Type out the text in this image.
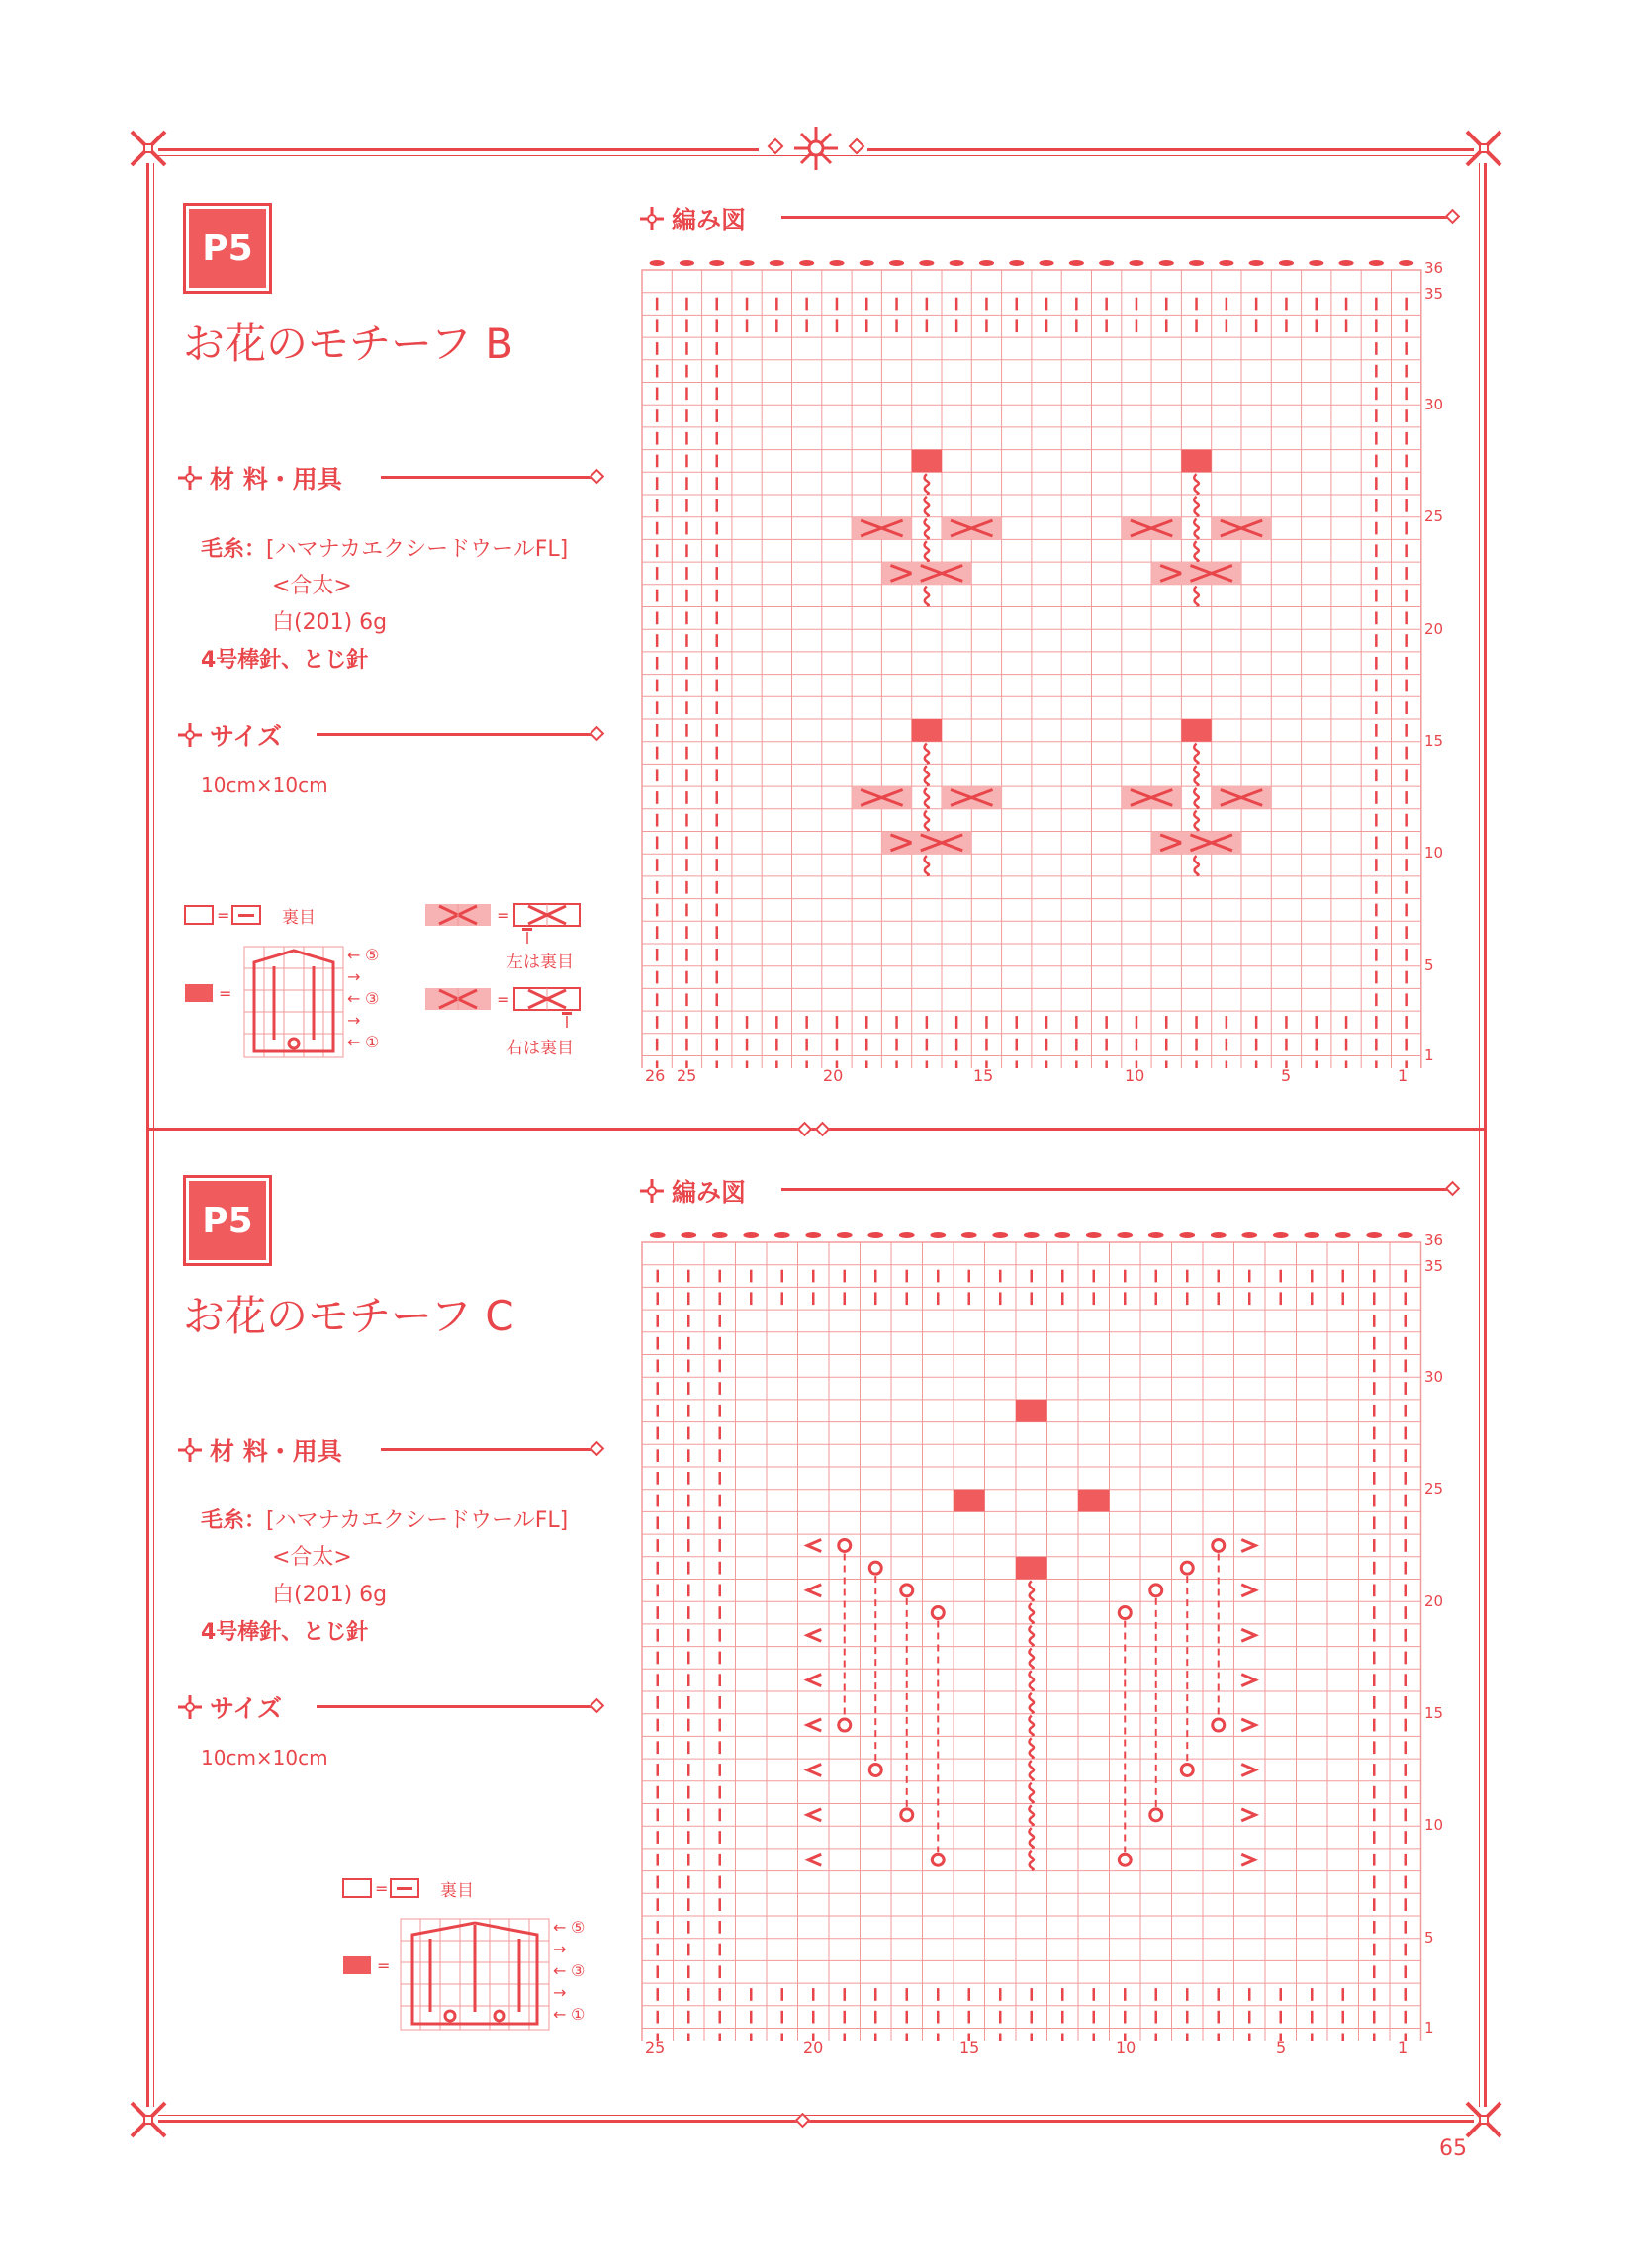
65
P5
お花のモチーフ B
材 料・用具
毛糸：[ハマナカエクシードウールFL]
<合太>
白(201) 6g
4号棒針、とじ針
サイズ
10cm×10cm
=	裏目
=
← ⑤
→
← ③
→
← ①
=
左は裏目
=
右は裏目
編み図
36
35
30
25
20
15
10
5
1
26 25	20	15	10	5	1
P5
お花のモチーフ C
材 料・用具
毛糸：[ハマナカエクシードウールFL]
<合太>
白(201) 6g
4号棒針、とじ針
サイズ
10cm×10cm
=	裏目
=
← ⑤
→
← ③
→
← ①
編み図
36
35
30
25
20
15
10
5
1
25	20	15	10	5	1
